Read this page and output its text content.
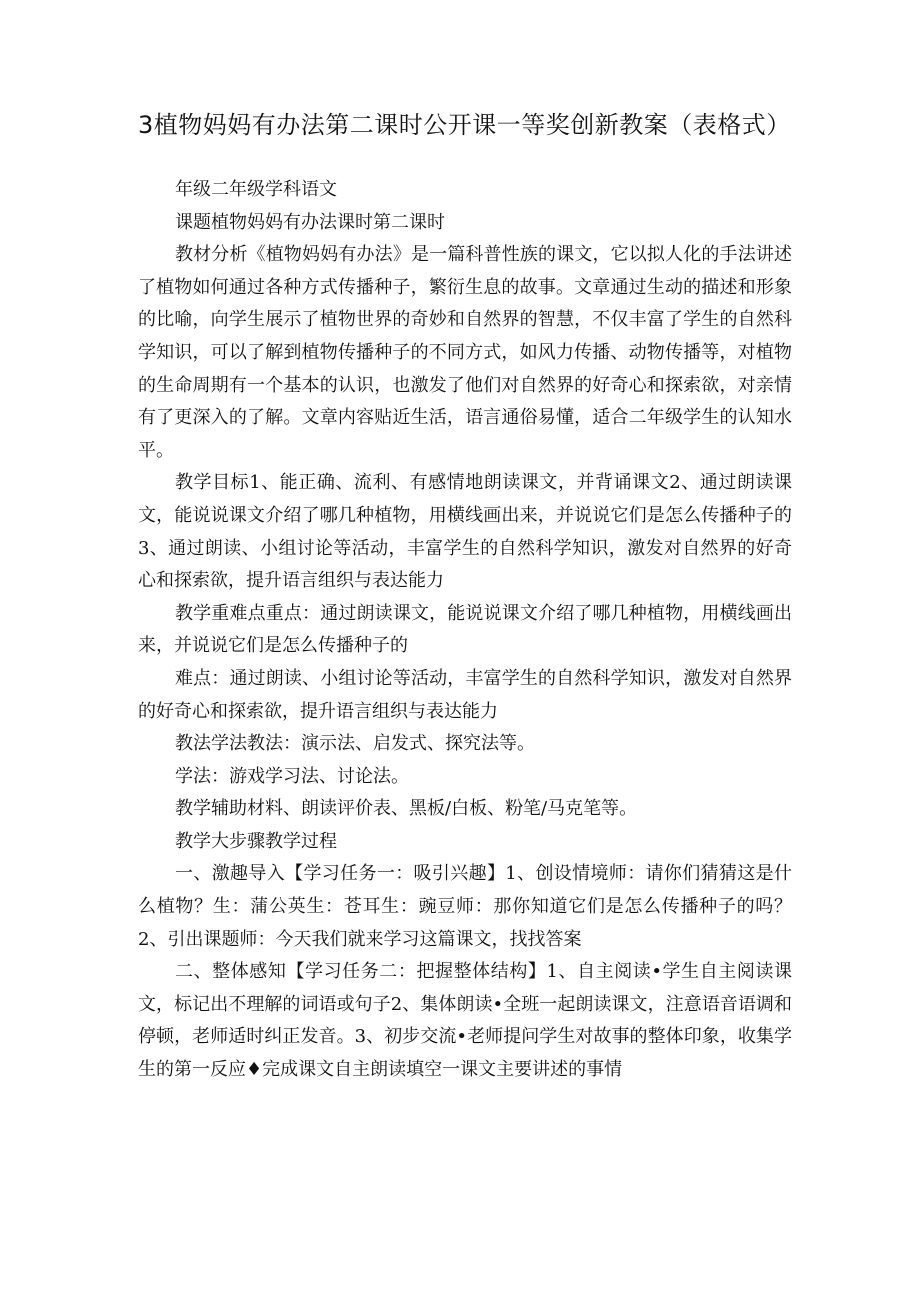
3植物妈妈有办法第二课时公开课一等奖创新教案（表格式）

年级二年级学科语文

课题植物妈妈有办法课时第二课时

教材分析《植物妈妈有办法》是一篇科普性族的课文，它以拟人化的手法讲述了植物如何通过各种方式传播种子，繁衍生息的故事。文章通过生动的描述和形象的比喻，向学生展示了植物世界的奇妙和自然界的智慧，不仅丰富了学生的自然科学知识，可以了解到植物传播种子的不同方式，如风力传播、动物传播等，对植物的生命周期有一个基本的认识，也激发了他们对自然界的好奇心和探索欲，对亲情有了更深入的了解。文章内容贴近生活，语言通俗易懂，适合二年级学生的认知水平。

教学目标1、能正确、流利、有感情地朗读课文，并背诵课文2、通过朗读课文，能说说课文介绍了哪几种植物，用横线画出来，并说说它们是怎么传播种子的3、通过朗读、小组讨论等活动，丰富学生的自然科学知识，激发对自然界的好奇心和探索欲，提升语言组织与表达能力

教学重难点重点：通过朗读课文，能说说课文介绍了哪几种植物，用横线画出来，并说说它们是怎么传播种子的

难点：通过朗读、小组讨论等活动，丰富学生的自然科学知识，激发对自然界的好奇心和探索欲，提升语言组织与表达能力

教法学法教法：演示法、启发式、探究法等。

学法：游戏学习法、讨论法。

教学辅助材料、朗读评价表、黑板/白板、粉笔/马克笔等。

教学大步骤教学过程

一、激趣导入【学习任务一：吸引兴趣】1、创设情境师：请你们猜猜这是什么植物？生：蒲公英生：苍耳生：豌豆师：那你知道它们是怎么传播种子的吗？2、引出课题师：今天我们就来学习这篇课文，找找答案

二、整体感知【学习任务二：把握整体结构】1、自主阅读•学生自主阅读课文，标记出不理解的词语或句子2、集体朗读•全班一起朗读课文，注意语音语调和停顿，老师适时纠正发音。3、初步交流•老师提问学生对故事的整体印象，收集学生的第一反应♦完成课文自主朗读填空一课文主要讲述的事情
